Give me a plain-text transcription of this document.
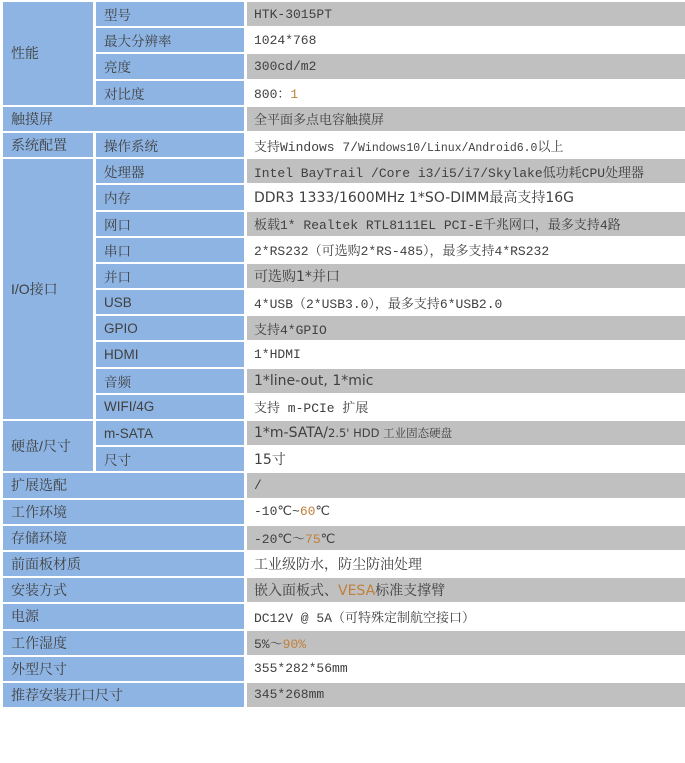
性能	型号	HTK-3015PT
	最大分辨率	1024*768
	亮度	300cd/m2
	对比度	800：1
触摸屏		全平面多点电容触摸屏
系统配置	操作系统	支持Windows 7/Windows10/Linux/Android6.0以上
I/O接口	处理器	Intel BayTrail /Core i3/i5/i7/Skylake低功耗CPU处理器
	内存	DDR3 1333/1600MHz 1*SO-DIMM最高支持16G
	网口	板载1* Realtek RTL8111EL PCI-E千兆网口，最多支持4路
	串口	2*RS232（可选购2*RS-485），最多支持4*RS232
	并口	可选购1*并口
	USB	4*USB（2*USB3.0），最多支持6*USB2.0
	GPIO	支持4*GPIO
	HDMI	1*HDMI
	音频	1*line-out, 1*mic
	WIFI/4G	支持 m-PCIe 扩展
硬盘/尺寸	m-SATA	1*m-SATA/2.5' HDD 工业固态硬盘
	尺寸	15寸
扩展选配		/
工作环境		-10℃~60℃
存储环境		-20℃～75℃
前面板材质		工业级防水，防尘防油处理
安装方式		嵌入面板式、VESA标准支撑臂
电源		DC12V @ 5A（可特殊定制航空接口）
工作湿度		5%～90%
外型尺寸		355*282*56mm
推荐安装开口尺寸		345*268mm
